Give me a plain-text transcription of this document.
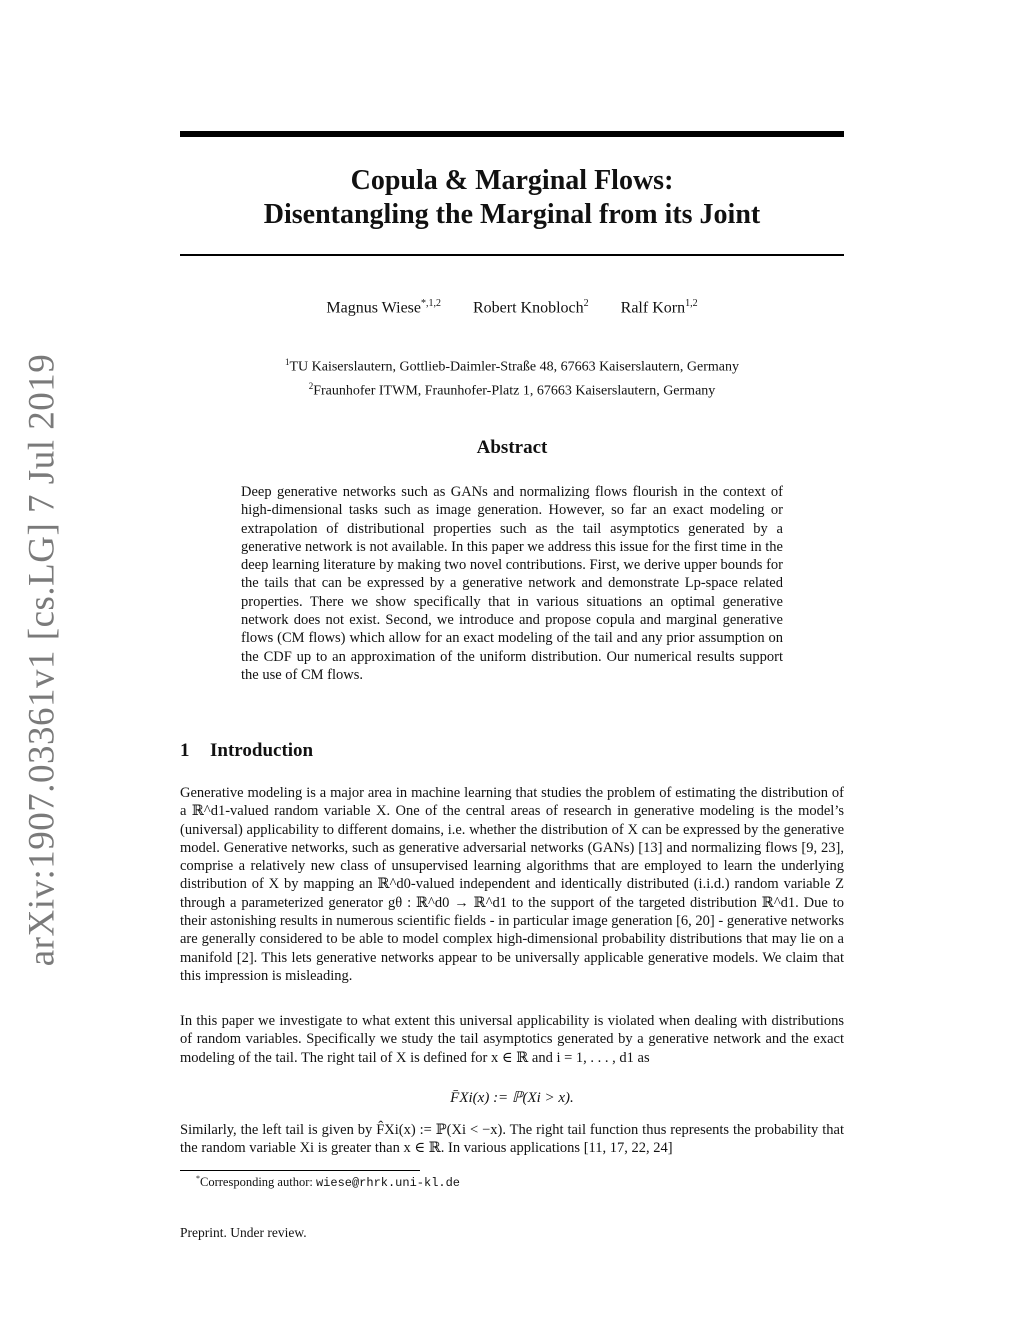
arXiv:1907.03361v1 [cs.LG] 7 Jul 2019
Copula & Marginal Flows:
Disentangling the Marginal from its Joint
Magnus Wiese$^{*,1,2}$ Robert Knobloch$^2$ Ralf Korn$^{1,2}$
$^1$TU Kaiserslautern, Gottlieb-Daimler-Straße 48, 67663 Kaiserslautern, Germany
$^2$Fraunhofer ITWM, Fraunhofer-Platz 1, 67663 Kaiserslautern, Germany
Abstract

Deep generative networks such as GANs and normalizing flows flourish in the context of high-dimensional tasks such as image generation. However, so far an exact modeling or extrapolation of distributional properties such as the tail asymptotics generated by a generative network is not available. In this paper we address this issue for the first time in the deep learning literature by making two novel contributions. First, we derive upper bounds for the tails that can be expressed by a generative network and demonstrate Lp-space related properties. There we show specifically that in various situations an optimal generative network does not exist. Second, we introduce and propose copula and marginal generative flows (CM flows) which allow for an exact modeling of the tail and any prior assumption on the CDF up to an approximation of the uniform distribution. Our numerical results support the use of CM flows.

1 Introduction

Generative modeling is a major area in machine learning that studies the problem of estimating the distribution of a ℝ^d1-valued random variable X. One of the central areas of research in generative modeling is the model’s (universal) applicability to different domains, i.e. whether the distribution of X can be expressed by the generative model. Generative networks, such as generative adversarial networks (GANs) [13] and normalizing flows [9, 23], comprise a relatively new class of unsupervised learning algorithms that are employed to learn the underlying distribution of X by mapping an ℝ^d0-valued independent and identically distributed (i.i.d.) random variable Z through a parameterized generator gθ : ℝ^d0 → ℝ^d1 to the support of the targeted distribution ℝ^d1. Due to their astonishing results in numerous scientific fields - in particular image generation [6, 20] - generative networks are generally considered to be able to model complex high-dimensional probability distributions that may lie on a manifold [2]. This lets generative networks appear to be universally applicable generative models. We claim that this impression is misleading.

In this paper we investigate to what extent this universal applicability is violated when dealing with distributions of random variables. Specifically we study the tail asymptotics generated by a generative network and the exact modeling of the tail. The right tail of X is defined for x ∈ ℝ and i = 1, . . . , d1 as

F̄Xi(x) := ℙ(Xi > x).

Similarly, the left tail is given by F̂Xi(x) := ℙ(Xi < −x). The right tail function thus represents the probability that the random variable Xi is greater than x ∈ ℝ. In various applications [11, 17, 22, 24]

*Corresponding author: wiese@rhrk.uni-kl.de
Preprint. Under review.
